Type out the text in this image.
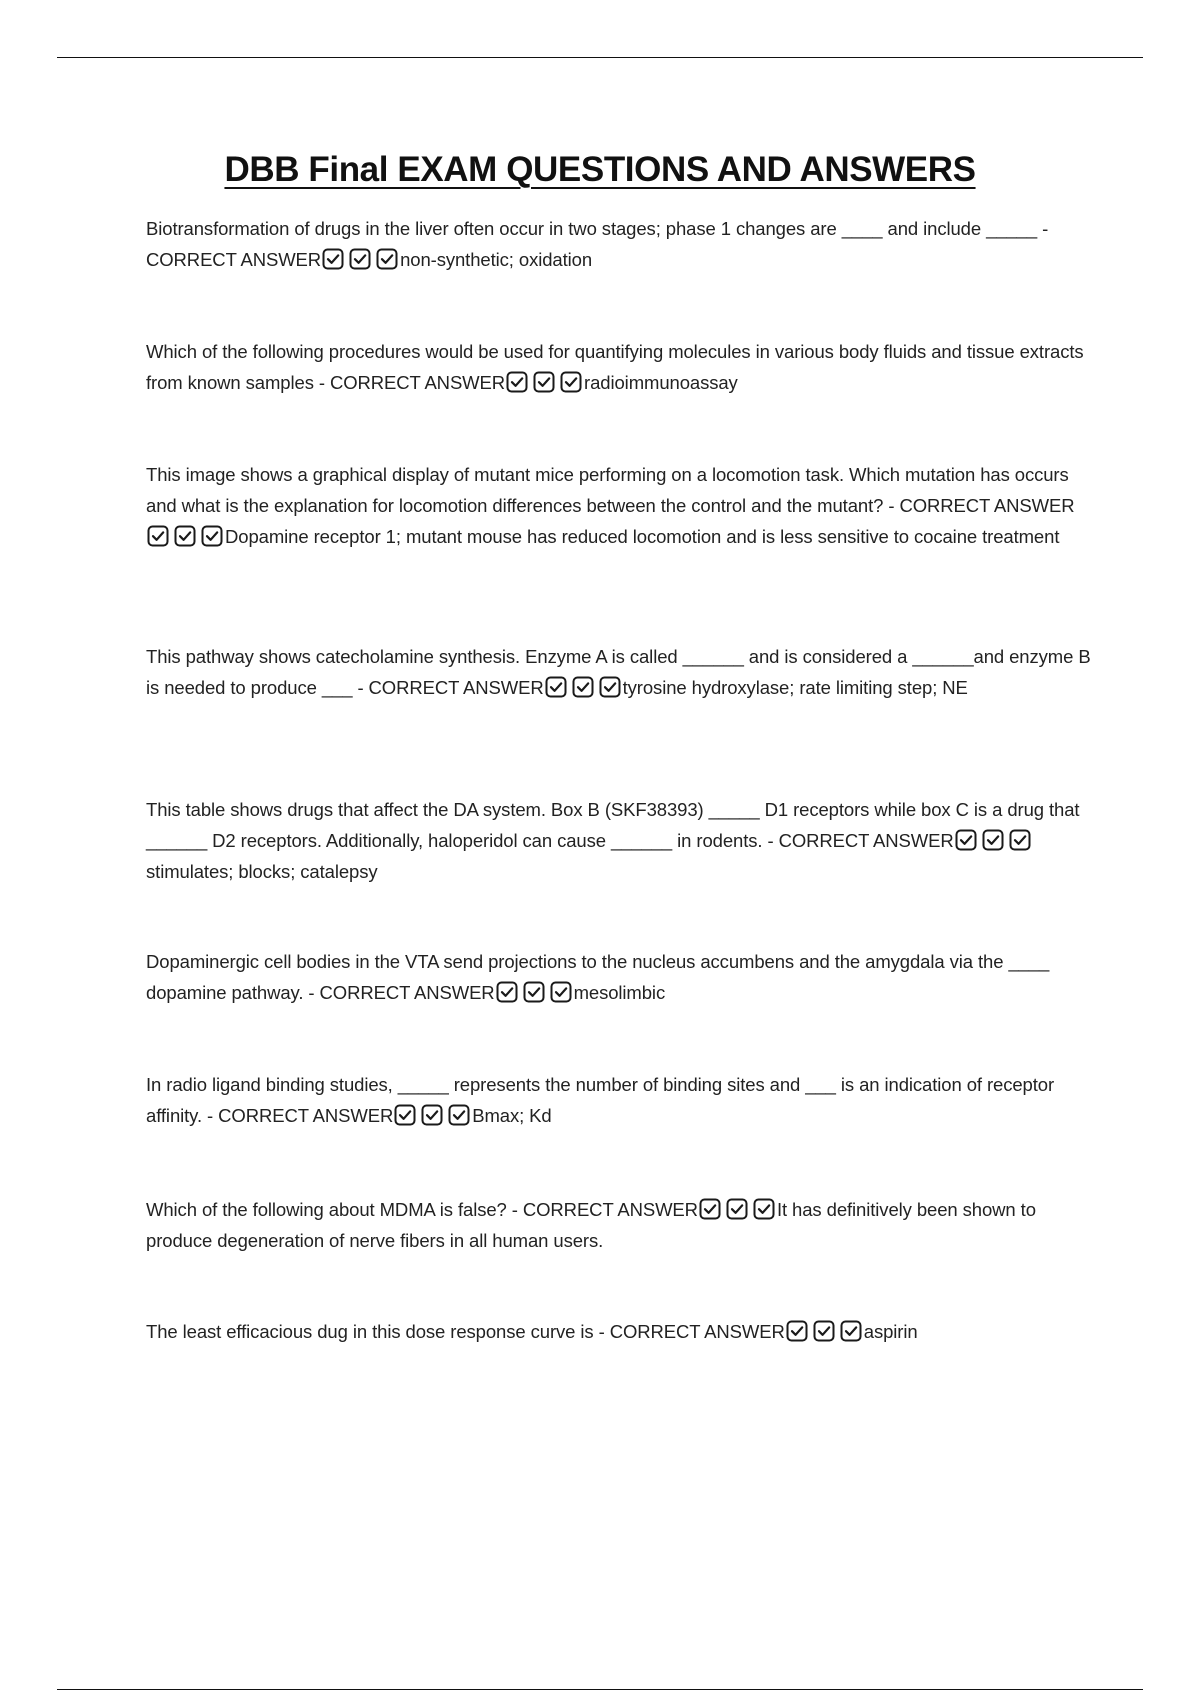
DBB Final EXAM QUESTIONS AND ANSWERS
Biotransformation of drugs in the liver often occur in two stages; phase 1 changes are ____ and include _____ - CORRECT ANSWER	non-synthetic; oxidation
Which of the following procedures would be used for quantifying molecules in various body fluids and tissue extracts from known samples - CORRECT ANSWER	radioimmunoassay
This image shows a graphical display of mutant mice performing on a locomotion task. Which mutation has occurs and what is the explanation for locomotion differences between the control and the mutant? - CORRECT ANSWER
Dopamine receptor 1; mutant mouse has reduced locomotion and is less sensitive to cocaine treatment
This pathway shows catecholamine synthesis. Enzyme A is called ______ and is considered a ______and enzyme B is needed to produce ___ - CORRECT ANSWER	tyrosine hydroxylase; rate limiting step; NE
This table shows drugs that affect the DA system. Box B (SKF38393) _____ D1 receptors while box C is a drug that ______ D2 receptors. Additionally, haloperidol can cause ______ in rodents. - CORRECT ANSWER
stimulates; blocks; catalepsy
Dopaminergic cell bodies in the VTA send projections to the nucleus accumbens and the amygdala via the ____ dopamine pathway. - CORRECT ANSWER	mesolimbic
In radio ligand binding studies, _____ represents the number of binding sites and ___ is an indication of receptor affinity. - CORRECT ANSWER	Bmax; Kd
Which of the following about MDMA is false? - CORRECT ANSWER	It has definitively been shown to produce degeneration of nerve fibers in all human users.
The least efficacious dug in this dose response curve is - CORRECT ANSWER	aspirin
